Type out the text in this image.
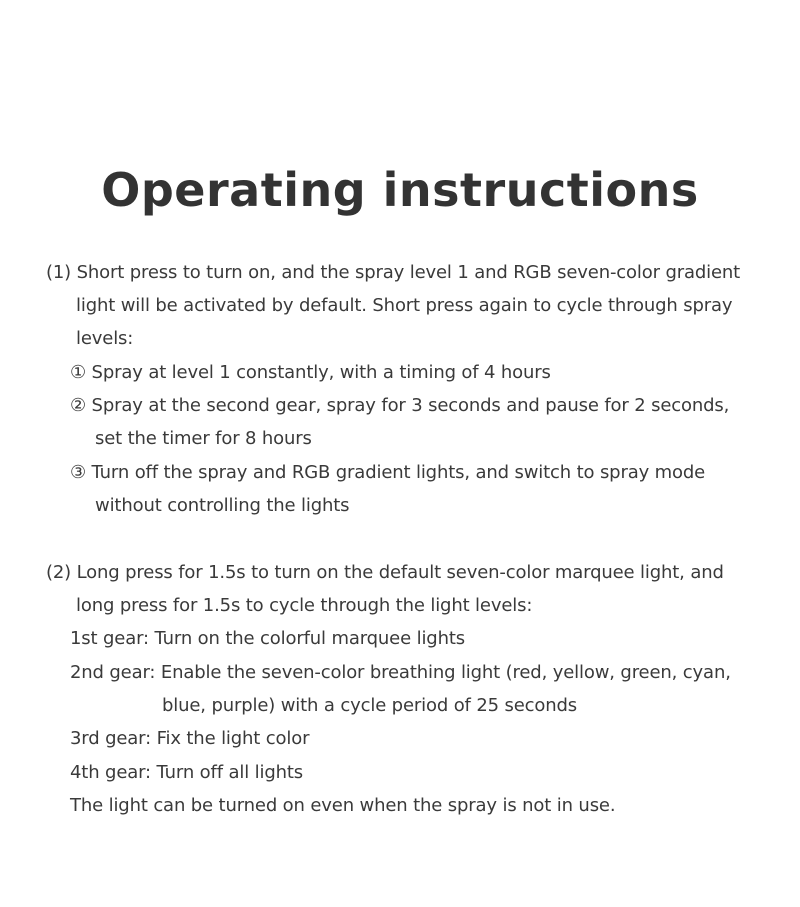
Operating instructions
(1) Short press to turn on, and the spray level 1 and RGB seven-color gradient
light will be activated by default. Short press again to cycle through spray
levels:
① Spray at level 1 constantly, with a timing of 4 hours
② Spray at the second gear, spray for 3 seconds and pause for 2 seconds,
set the timer for 8 hours
③ Turn off the spray and RGB gradient lights, and switch to spray mode
without controlling the lights
(2) Long press for 1.5s to turn on the default seven-color marquee light, and
long press for 1.5s to cycle through the light levels:
1st gear: Turn on the colorful marquee lights
2nd gear: Enable the seven-color breathing light (red, yellow, green, cyan,
blue, purple) with a cycle period of 25 seconds
3rd gear: Fix the light color
4th gear: Turn off all lights
The light can be turned on even when the spray is not in use.
